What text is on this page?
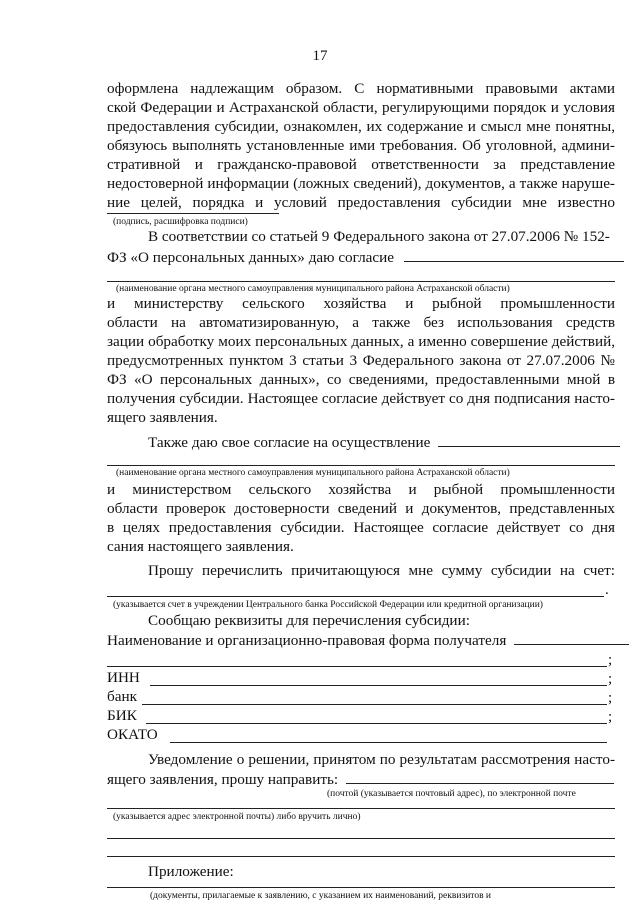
17
оформлена надлежащим образом. С нормативными правовыми актами
ской Федерации и Астраханской области, регулирующими порядок и условия
предоставления субсидии, ознакомлен, их содержание и смысл мне понятны,
обязуюсь выполнять установленные ими требования. Об уголовной, админи-
стративной и гражданско-правовой ответственности за представление
недостоверной информации (ложных сведений), документов, а также наруше-
ние целей, порядка и условий предоставления субсидии мне известно
(подпись, расшифровка подписи)
В соответствии со статьей 9 Федерального закона от 27.07.2006 № 152-
ФЗ «О персональных данных» даю согласие
(наименование органа местного самоуправления муниципального района Астраханской области)
и министерству сельского хозяйства и рыбной промышленности
области на автоматизированную, а также без использования средств
зации обработку моих персональных данных, а именно совершение действий,
предусмотренных пунктом 3 статьи 3 Федерального закона от 27.07.2006 №
ФЗ «О персональных данных», со сведениями, предоставленными мной в
получения субсидии. Настоящее согласие действует со дня подписания насто-
ящего заявления.
Также даю свое согласие на осуществление
(наименование органа местного самоуправления муниципального района Астраханской области)
и министерством сельского хозяйства и рыбной промышленности
области проверок достоверности сведений и документов, представленных
в целях предоставления субсидии. Настоящее согласие действует со дня
сания настоящего заявления.
Прошу перечислить причитающуюся мне сумму субсидии на счет:
.
(указывается счет в учреждении Центрального банка Российской Федерации или кредитной организации)
Сообщаю реквизиты для перечисления субсидии:
Наименование и организационно-правовая форма получателя
;
ИНН	;
банк	;
БИК	;
ОКАТО
Уведомление о решении, принятом по результатам рассмотрения насто-
ящего заявления, прошу направить:
(почтой (указывается почтовый адрес), по электронной почте
(указывается адрес электронной почты) либо вручить лично)
Приложение:
(документы, прилагаемые к заявлению, с указанием их наименований, реквизитов и
